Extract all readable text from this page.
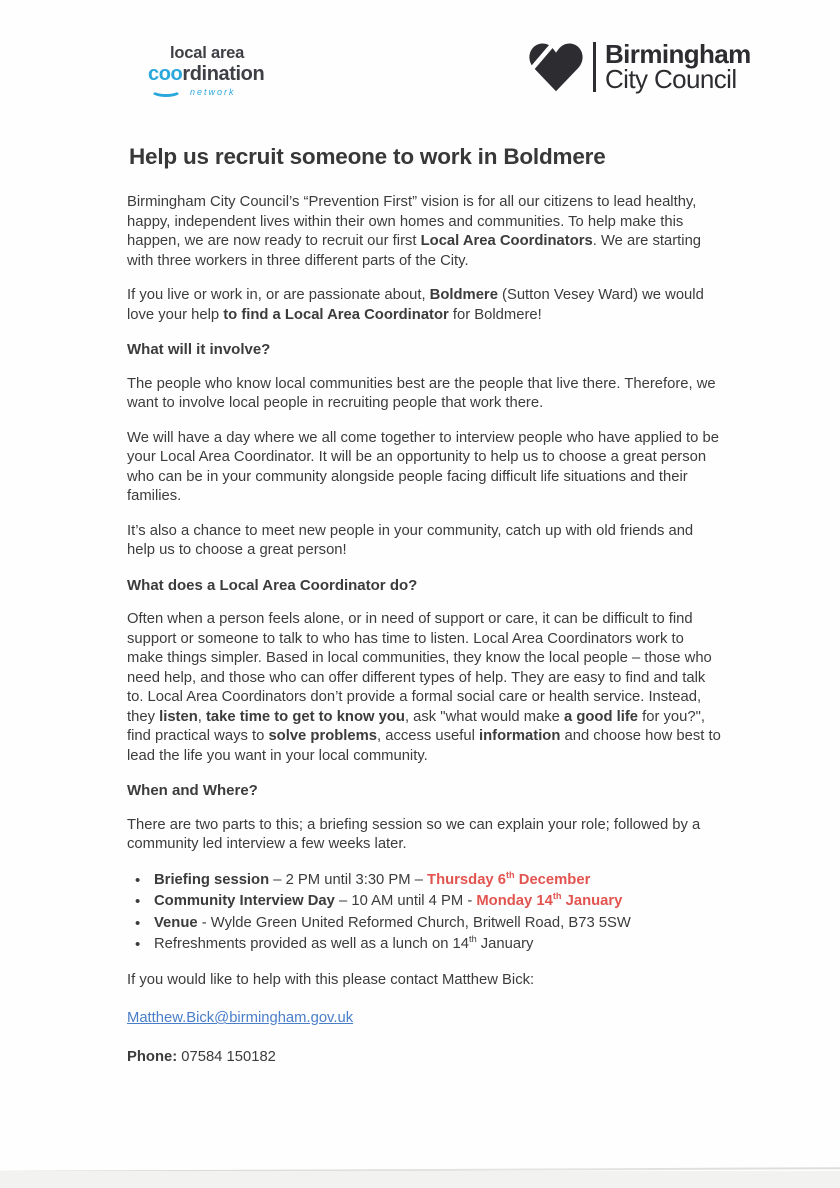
local area
coordination
network
Birmingham
City Council
Help us recruit someone to work in Boldmere

Birmingham City Council’s “Prevention First” vision is for all our citizens to lead healthy, happy, independent lives within their own homes and communities. To help make this happen, we are now ready to recruit our first Local Area Coordinators. We are starting with three workers in three different parts of the City.

If you live or work in, or are passionate about, Boldmere (Sutton Vesey Ward) we would love your help to find a Local Area Coordinator for Boldmere!

What will it involve?

The people who know local communities best are the people that live there. Therefore, we want to involve local people in recruiting people that work there.

We will have a day where we all come together to interview people who have applied to be your Local Area Coordinator. It will be an opportunity to help us to choose a great person who can be in your community alongside people facing difficult life situations and their families.

It’s also a chance to meet new people in your community, catch up with old friends and help us to choose a great person!

What does a Local Area Coordinator do?

Often when a person feels alone, or in need of support or care, it can be difficult to find support or someone to talk to who has time to listen. Local Area Coordinators work to make things simpler. Based in local communities, they know the local people – those who need help, and those who can offer different types of help. They are easy to find and talk to. Local Area Coordinators don’t provide a formal social care or health service. Instead, they listen, take time to get to know you, ask "what would make a good life for you?", find practical ways to solve problems, access useful information and choose how best to lead the life you want in your local community.

When and Where?

There are two parts to this; a briefing session so we can explain your role; followed by a community led interview a few weeks later.

• Briefing session – 2 PM until 3:30 PM – Thursday 6th December
• Community Interview Day – 10 AM until 4 PM - Monday 14th January
• Venue - Wylde Green United Reformed Church, Britwell Road, B73 5SW
• Refreshments provided as well as a lunch on 14th January

If you would like to help with this please contact Matthew Bick:

Matthew.Bick@birmingham.gov.uk

Phone: 07584 150182
